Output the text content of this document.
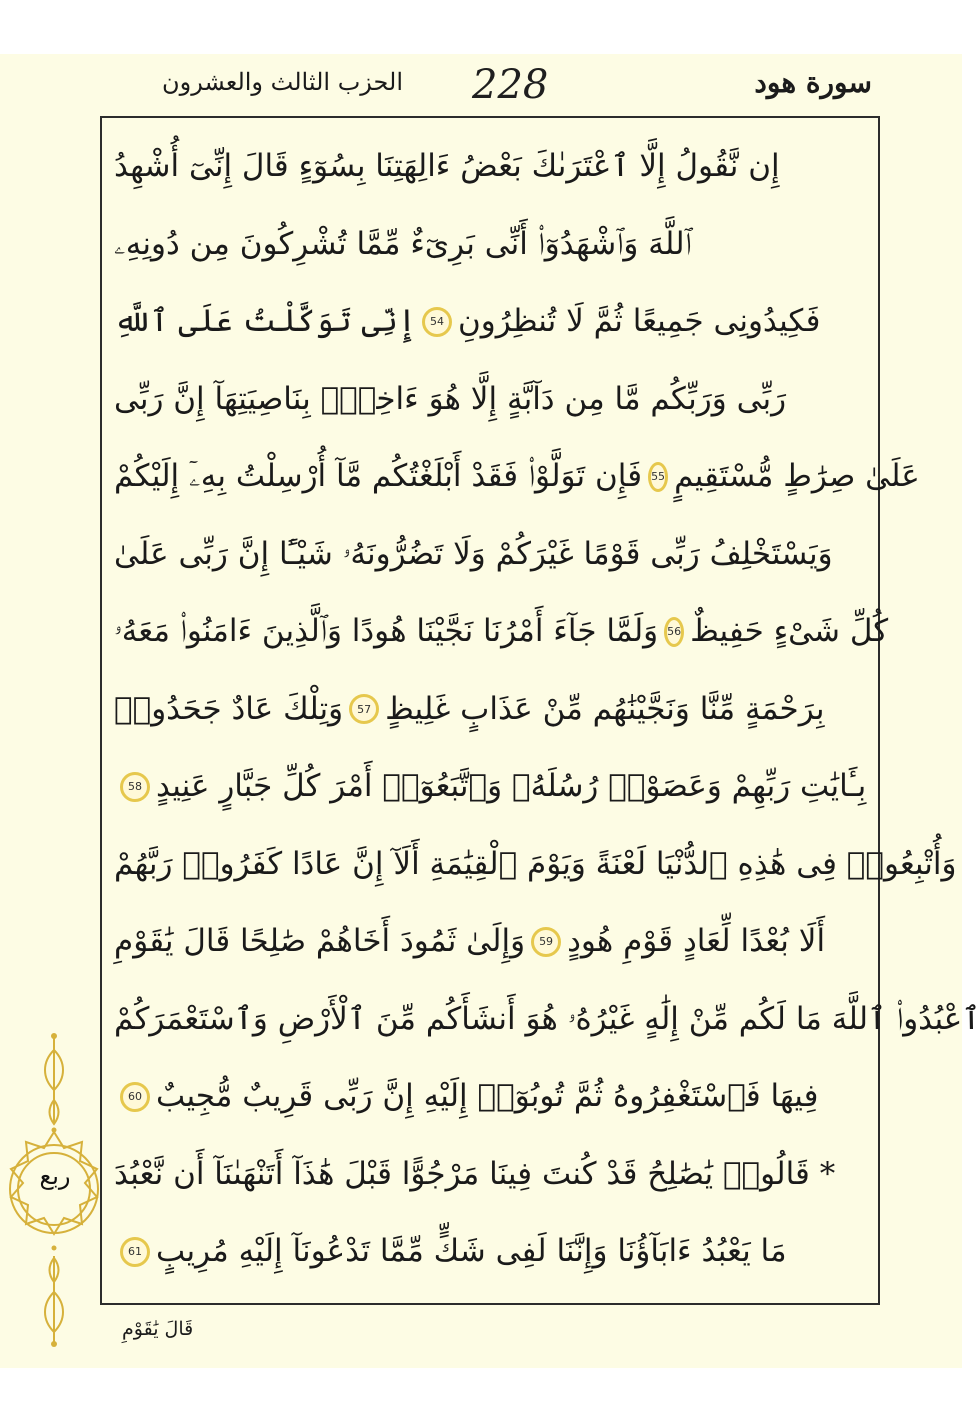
الحزب الثالث والعشرون 228	سورة هود
إِن نَّقُولُ إِلَّا ٱعْتَرَىٰكَ بَعْضُ ءَالِهَتِنَا بِسُوٓءٍ قَالَ إِنِّىٓ أُشْهِدُ
ٱللَّهَ وَٱشْهَدُوٓا۟ أَنِّى بَرِىٓءٌ مِّمَّا تُشْرِكُونَ مِن دُونِهِۦ
فَكِيدُونِى جَمِيعًا ثُمَّ لَا تُنظِرُونِ
54
إِنِّى تَوَكَّلْتُ عَلَى ٱللَّهِ
رَبِّى وَرَبِّكُم مَّا مِن دَآبَّةٍ إِلَّا هُوَ ءَاخِذٌۢ بِنَاصِيَتِهَآ إِنَّ رَبِّى
عَلَىٰ صِرَٰطٍ مُّسْتَقِيمٍ
55
فَإِن تَوَلَّوْا۟ فَقَدْ أَبْلَغْتُكُم مَّآ أُرْسِلْتُ بِهِۦٓ إِلَيْكُمْ
وَيَسْتَخْلِفُ رَبِّى قَوْمًا غَيْرَكُمْ وَلَا تَضُرُّونَهُۥ شَيْـًٔا إِنَّ رَبِّى عَلَىٰ
كُلِّ شَىْءٍ حَفِيظٌ
56
وَلَمَّا جَآءَ أَمْرُنَا نَجَّيْنَا هُودًا وَٱلَّذِينَ ءَامَنُوا۟ مَعَهُۥ
بِرَحْمَةٍ مِّنَّا وَنَجَّيْنَٰهُم مِّنْ عَذَابٍ غَلِيظٍ
57
وَتِلْكَ عَادٌ جَحَدُوا۟
بِـَٔايَٰتِ رَبِّهِمْ وَعَصَوْا۟ رُسُلَهُۥ وَٱتَّبَعُوٓا۟ أَمْرَ كُلِّ جَبَّارٍ عَنِيدٍ
58
وَأُتْبِعُوا۟ فِى هَٰذِهِ ٱلدُّنْيَا لَعْنَةً وَيَوْمَ ٱلْقِيَٰمَةِ أَلَآ إِنَّ عَادًا كَفَرُوا۟ رَبَّهُمْ
أَلَا بُعْدًا لِّعَادٍ قَوْمِ هُودٍ
59
وَإِلَىٰ ثَمُودَ أَخَاهُمْ صَٰلِحًا قَالَ يَٰقَوْمِ
ٱعْبُدُوا۟ ٱللَّهَ مَا لَكُم مِّنْ إِلَٰهٍ غَيْرُهُۥ هُوَ أَنشَأَكُم مِّنَ ٱلْأَرْضِ وَٱسْتَعْمَرَكُمْ
فِيهَا فَٱسْتَغْفِرُوهُ ثُمَّ تُوبُوٓا۟ إِلَيْهِ إِنَّ رَبِّى قَرِيبٌ مُّجِيبٌ
60
* قَالُوا۟ يَٰصَٰلِحُ قَدْ كُنتَ فِينَا مَرْجُوًّا قَبْلَ هَٰذَآ أَتَنْهَىٰنَآ أَن نَّعْبُدَ
مَا يَعْبُدُ ءَابَآؤُنَا وَإِنَّنَا لَفِى شَكٍّ مِّمَّا تَدْعُونَآ إِلَيْهِ مُرِيبٍ
61
ربع
قَالَ يَٰقَوْمِ
